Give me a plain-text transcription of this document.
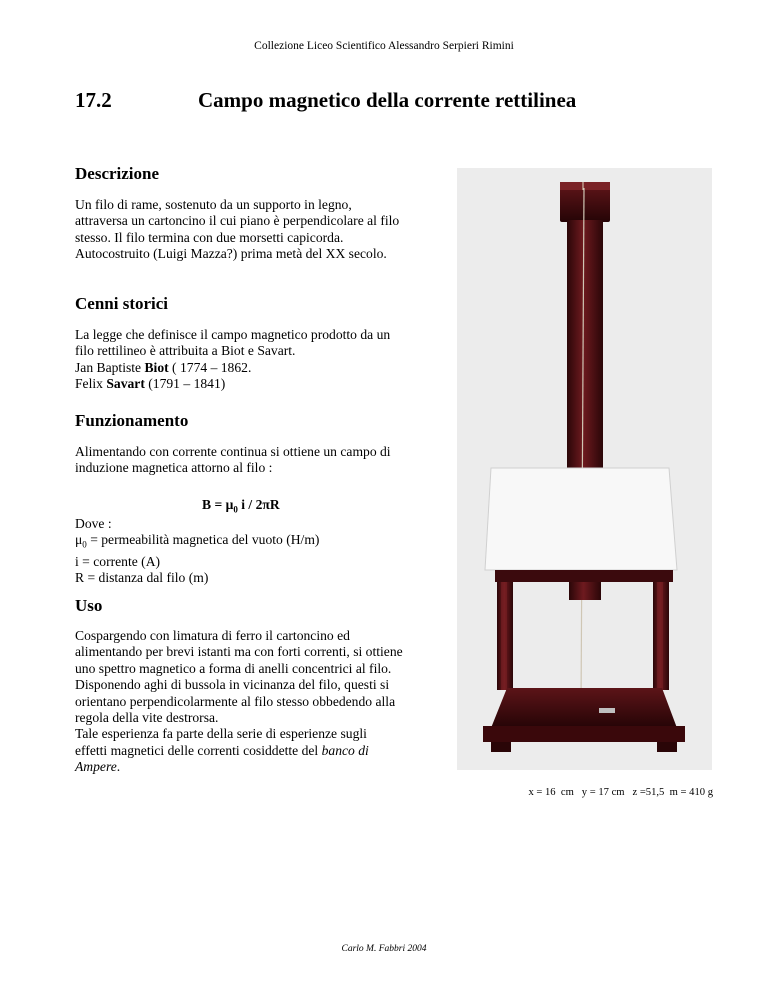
Collezione Liceo Scientifico Alessandro Serpieri Rimini
17.2	Campo magnetico della corrente rettilinea
Descrizione
Un filo di rame, sostenuto da un supporto in legno,
attraversa un cartoncino il cui piano è perpendicolare al filo
stesso. Il filo termina con due morsetti capicorda.
Autocostruito (Luigi Mazza?) prima metà del XX secolo.
Cenni storici
La legge che definisce il campo magnetico prodotto da un
filo rettilineo è attribuita a Biot e Savart.
Jan Baptiste Biot ( 1774 – 1862.
Felix Savart (1791 – 1841)
Funzionamento
Alimentando con corrente continua si ottiene un campo di
induzione magnetica attorno al filo :
$B = \mu_0$ i / 2πR
Dove :
$\mu_0$ = permeabilità magnetica del vuoto (H/m)
i = corrente (A)
R = distanza dal filo (m)
Uso
Cospargendo con limatura di ferro il cartoncino ed
alimentando per brevi istanti ma con forti correnti, si ottiene
uno spettro magnetico a forma di anelli concentrici al filo.
Disponendo aghi di bussola in vicinanza del filo, questi si
orientano perpendicolarmente al filo stesso obbedendo alla
regola della vite destrorsa.
Tale esperienza fa parte della serie di esperienze sugli
effetti magnetici delle correnti cosiddette del banco di
Ampere.
x = 16  cm   y = 17 cm   z =51,5  m = 410 g
Carlo M. Fabbri 2004
